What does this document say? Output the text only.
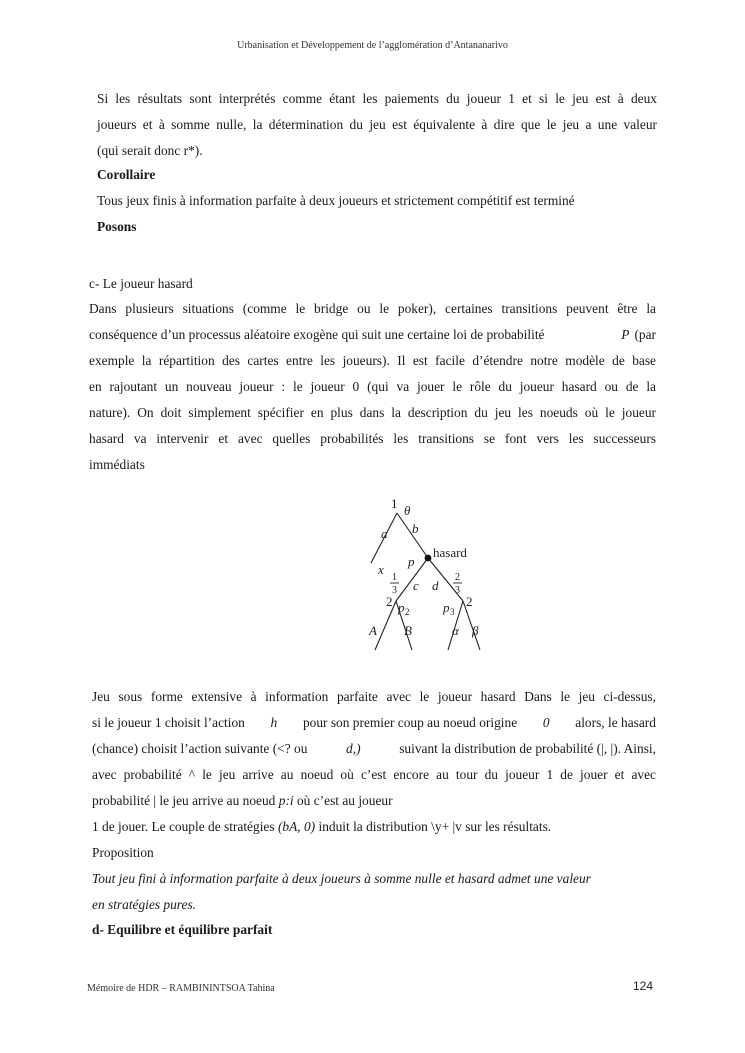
Urbanisation et Développement de l’agglomération d’Antananarivo
Si les résultats sont interprétés comme étant les paiements du joueur 1 et si le jeu est à deux
joueurs et à somme nulle, la détermination du jeu est équivalente à dire que le jeu a une valeur
(qui serait donc r*).
Corollaire
Tous jeux finis à information parfaite à deux joueurs et strictement compétitif est terminé
Posons
c- Le joueur hasard
Dans plusieurs situations (comme le bridge ou le poker), certaines transitions peuvent être la
conséquence d’un processus aléatoire exogène qui suit une certaine loi de probabilité	P (par
exemple la répartition des cartes entre les joueurs). Il est facile d’étendre notre modèle de base
en rajoutant un nouveau joueur : le joueur 0 (qui va jouer le rôle du joueur hasard ou de la
nature). On doit simplement spécifier en plus dans la description du jeu les noeuds où le joueur
hasard va intervenir et avec quelles probabilités les transitions se font vers les successeurs
immédiats
1 θ
a b
hasard
p
x
1
3 c d
2
3
2	2
p 2	p 3
A B	α β
Jeu sous forme extensive à information parfaite avec le joueur hasard Dans le jeu ci-dessus,
si le joueur 1 choisit l’action h pour son premier coup au noeud origine 0 alors, le hasard
(chance) choisit l’action suivante (<? ou	d,)	suivant la distribution de probabilité (|, |). Ainsi,
avec probabilité ^ le jeu arrive au noeud où c’est encore au tour du joueur 1 de jouer et avec
probabilité | le jeu arrive au noeud p:i où c’est au joueur
1 de jouer. Le couple de stratégies (bA, 0) induit la distribution \y+ |v sur les résultats.
Proposition
Tout jeu fini à information parfaite à deux joueurs à somme nulle et hasard admet une valeur
en stratégies pures.
d- Equilibre et équilibre parfait
Mémoire de HDR – RAMBININTSOA Tahina	124
